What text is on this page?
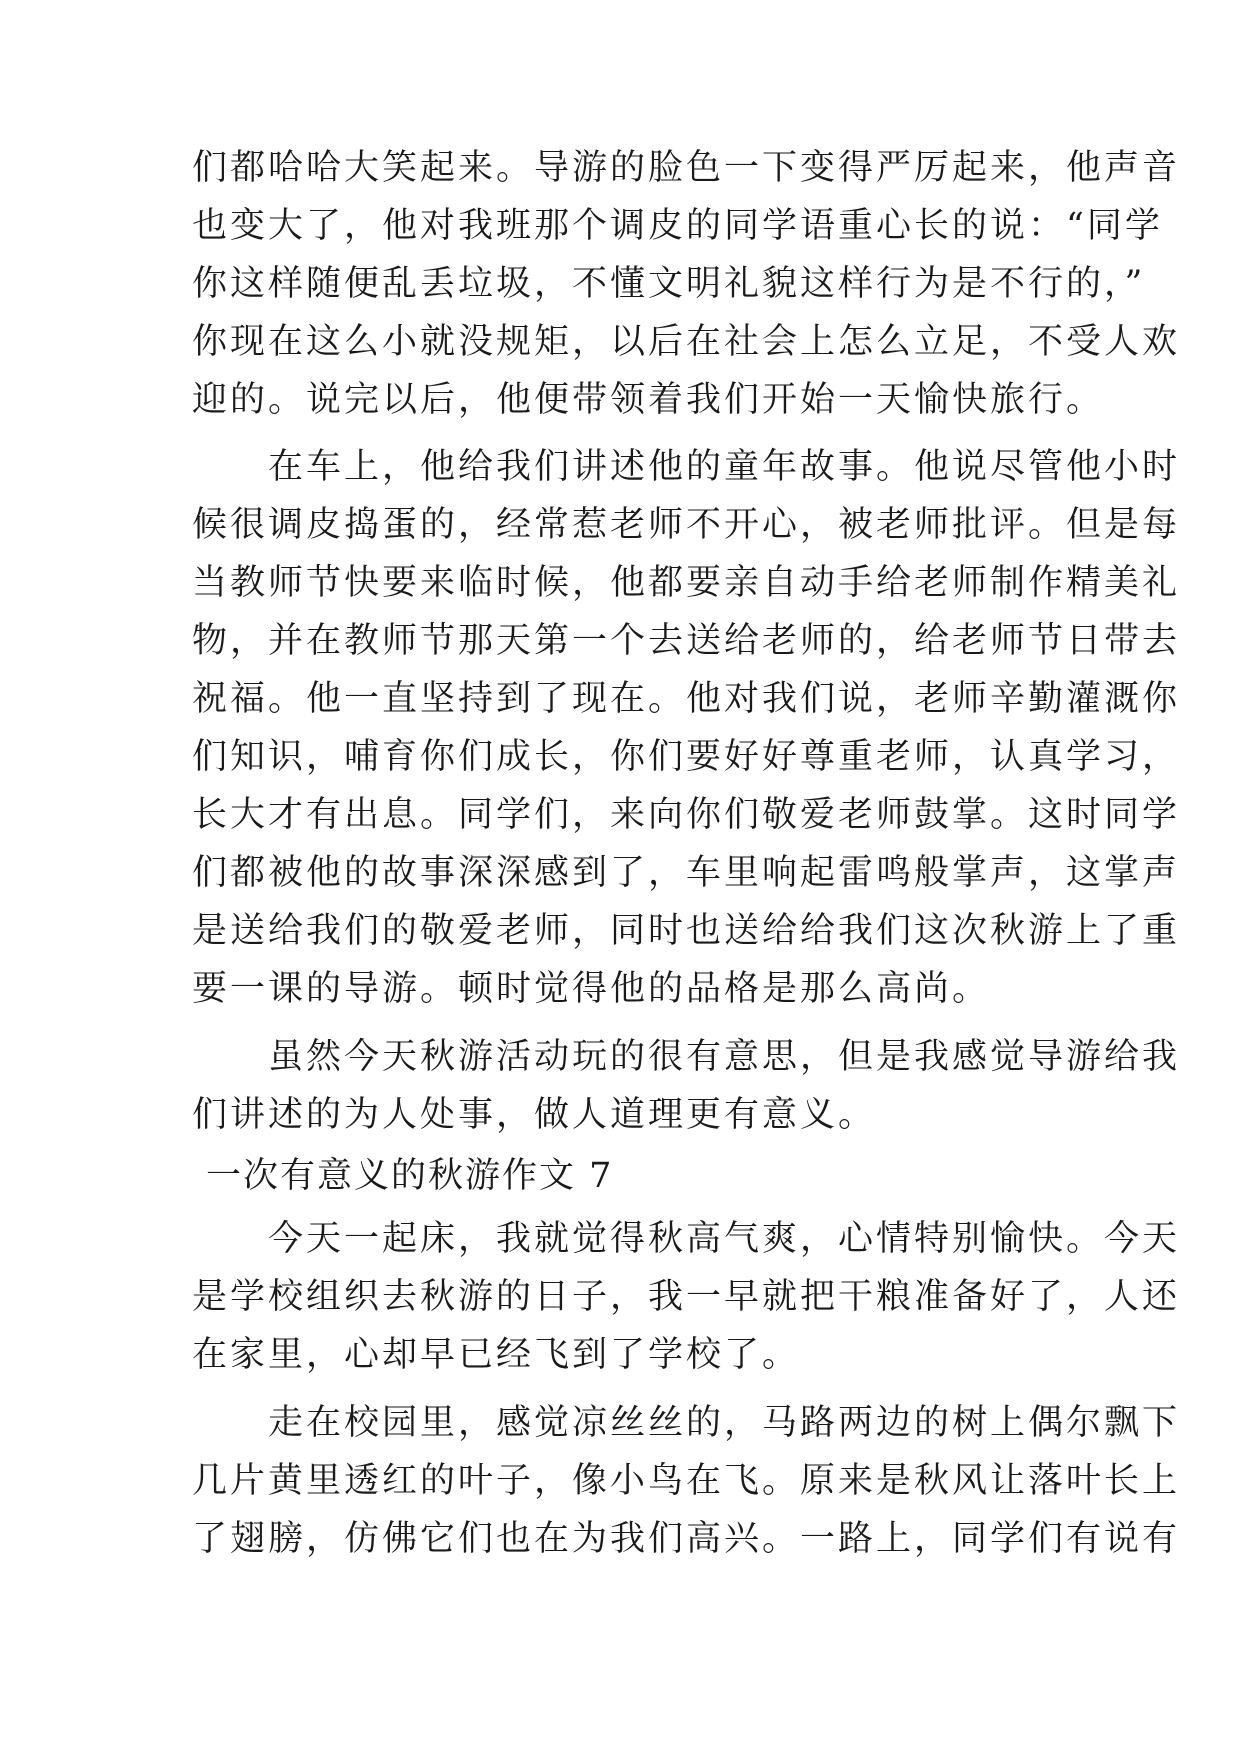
们都哈哈大笑起来。导游的脸色一下变得严厉起来，他声音
也变大了，他对我班那个调皮的同学语重心长的说：“同学
你这样随便乱丢垃圾，不懂文明礼貌这样行为是不行的，”
你现在这么小就没规矩，以后在社会上怎么立足，不受人欢
迎的。说完以后，他便带领着我们开始一天愉快旅行。
　　在车上，他给我们讲述他的童年故事。他说尽管他小时
候很调皮捣蛋的，经常惹老师不开心，被老师批评。但是每
当教师节快要来临时候，他都要亲自动手给老师制作精美礼
物，并在教师节那天第一个去送给老师的，给老师节日带去
祝福。他一直坚持到了现在。他对我们说，老师辛勤灌溉你
们知识，哺育你们成长，你们要好好尊重老师，认真学习，
长大才有出息。同学们，来向你们敬爱老师鼓掌。这时同学
们都被他的故事深深感到了，车里响起雷鸣般掌声，这掌声
是送给我们的敬爱老师，同时也送给给我们这次秋游上了重
要一课的导游。顿时觉得他的品格是那么高尚。
　　虽然今天秋游活动玩的很有意思，但是我感觉导游给我
们讲述的为人处事，做人道理更有意义。
一次有意义的秋游作文 7
　　今天一起床，我就觉得秋高气爽，心情特别愉快。今天
是学校组织去秋游的日子，我一早就把干粮准备好了，人还
在家里，心却早已经飞到了学校了。
　　走在校园里，感觉凉丝丝的，马路两边的树上偶尔飘下
几片黄里透红的叶子，像小鸟在飞。原来是秋风让落叶长上
了翅膀，仿佛它们也在为我们高兴。一路上，同学们有说有
